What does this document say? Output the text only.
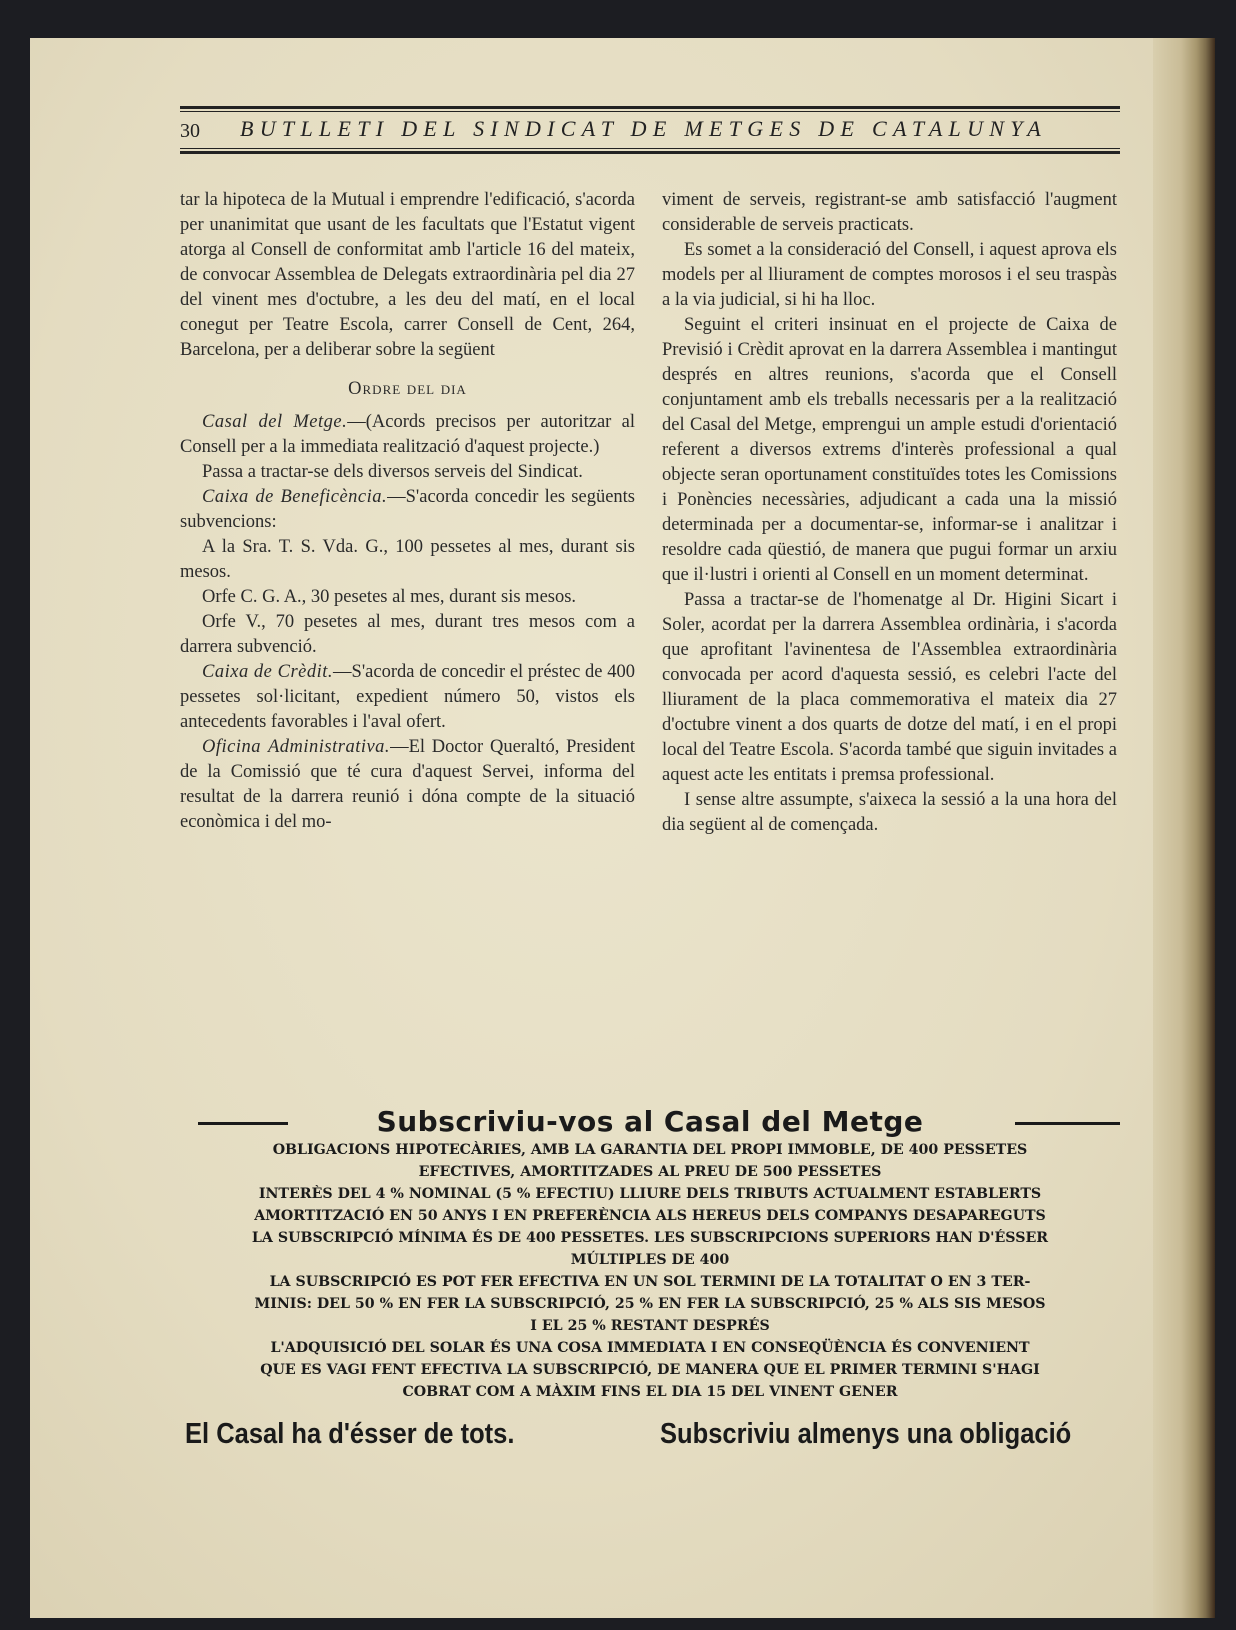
30 BUTLLETI DEL SINDICAT DE METGES DE CATALUNYA

tar la hipoteca de la Mutual i emprendre l'edificació, s'acorda per unanimitat que usant de les facultats que l'Estatut vigent atorga al Consell de conformitat amb l'article 16 del mateix, de convocar Assemblea de Delegats extraordinària pel dia 27 del vinent mes d'octubre, a les deu del matí, en el local conegut per Teatre Escola, carrer Consell de Cent, 264, Barcelona, per a deliberar sobre la següent

Ordre del dia

Casal del Metge.—(Acords precisos per autoritzar al Consell per a la immediata realització d'aquest projecte.)

Passa a tractar-se dels diversos serveis del Sindicat.

Caixa de Beneficència.—S'acorda concedir les següents subvencions:

A la Sra. T. S. Vda. G., 100 pessetes al mes, durant sis mesos.

Orfe C. G. A., 30 pesetes al mes, durant sis mesos.

Orfe V., 70 pesetes al mes, durant tres mesos com a darrera subvenció.

Caixa de Crèdit.—S'acorda de concedir el préstec de 400 pessetes sol·licitant, expedient número 50, vistos els antecedents favorables i l'aval ofert.

Oficina Administrativa.—El Doctor Queraltó, President de la Comissió que té cura d'aquest Servei, informa del resultat de la darrera reunió i dóna compte de la situació econòmica i del mo-

viment de serveis, registrant-se amb satisfacció l'augment considerable de serveis practicats.

Es somet a la consideració del Consell, i aquest aprova els models per al lliurament de comptes morosos i el seu traspàs a la via judicial, si hi ha lloc.

Seguint el criteri insinuat en el projecte de Caixa de Previsió i Crèdit aprovat en la darrera Assemblea i mantingut després en altres reunions, s'acorda que el Consell conjuntament amb els treballs necessaris per a la realització del Casal del Metge, emprengui un ample estudi d'orientació referent a diversos extrems d'interès professional a qual objecte seran oportunament constituïdes totes les Comissions i Ponències necessàries, adjudicant a cada una la missió determinada per a documentar-se, informar-se i analitzar i resoldre cada qüestió, de manera que pugui formar un arxiu que il·lustri i orienti al Consell en un moment determinat.

Passa a tractar-se de l'homenatge al Dr. Higini Sicart i Soler, acordat per la darrera Assemblea ordinària, i s'acorda que aprofitant l'avinentesa de l'Assemblea extraordinària convocada per acord d'aquesta sessió, es celebri l'acte del lliurament de la placa commemorativa el mateix dia 27 d'octubre vinent a dos quarts de dotze del matí, i en el propi local del Teatre Escola. S'acorda també que siguin invitades a aquest acte les entitats i premsa professional.

I sense altre assumpte, s'aixeca la sessió a la una hora del dia següent al de començada.

Subscriviu-vos al Casal del Metge
OBLIGACIONS HIPOTECÀRIES, AMB LA GARANTIA DEL PROPI IMMOBLE, DE 400 PESSETES
EFECTIVES, AMORTITZADES AL PREU DE 500 PESSETES
INTERÈS DEL 4 % NOMINAL (5 % EFECTIU) LLIURE DELS TRIBUTS ACTUALMENT ESTABLERTS
AMORTITZACIÓ EN 50 ANYS I EN PREFERÈNCIA ALS HEREUS DELS COMPANYS DESAPAREGUTS
LA SUBSCRIPCIÓ MÍNIMA ÉS DE 400 PESSETES. LES SUBSCRIPCIONS SUPERIORS HAN D'ÉSSER
MÚLTIPLES DE 400
LA SUBSCRIPCIÓ ES POT FER EFECTIVA EN UN SOL TERMINI DE LA TOTALITAT O EN 3 TER-
MINIS: DEL 50 % EN FER LA SUBSCRIPCIÓ, 25 % EN FER LA SUBSCRIPCIÓ, 25 % ALS SIS MESOS
I EL 25 % RESTANT DESPRÉS
L'ADQUISICIÓ DEL SOLAR ÉS UNA COSA IMMEDIATA I EN CONSEQÜÈNCIA ÉS CONVENIENT
QUE ES VAGI FENT EFECTIVA LA SUBSCRIPCIÓ, DE MANERA QUE EL PRIMER TERMINI S'HAGI
COBRAT COM A MÀXIM FINS EL DIA 15 DEL VINENT GENER
El Casal ha d'ésser de tots.	Subscriviu almenys una obligació
